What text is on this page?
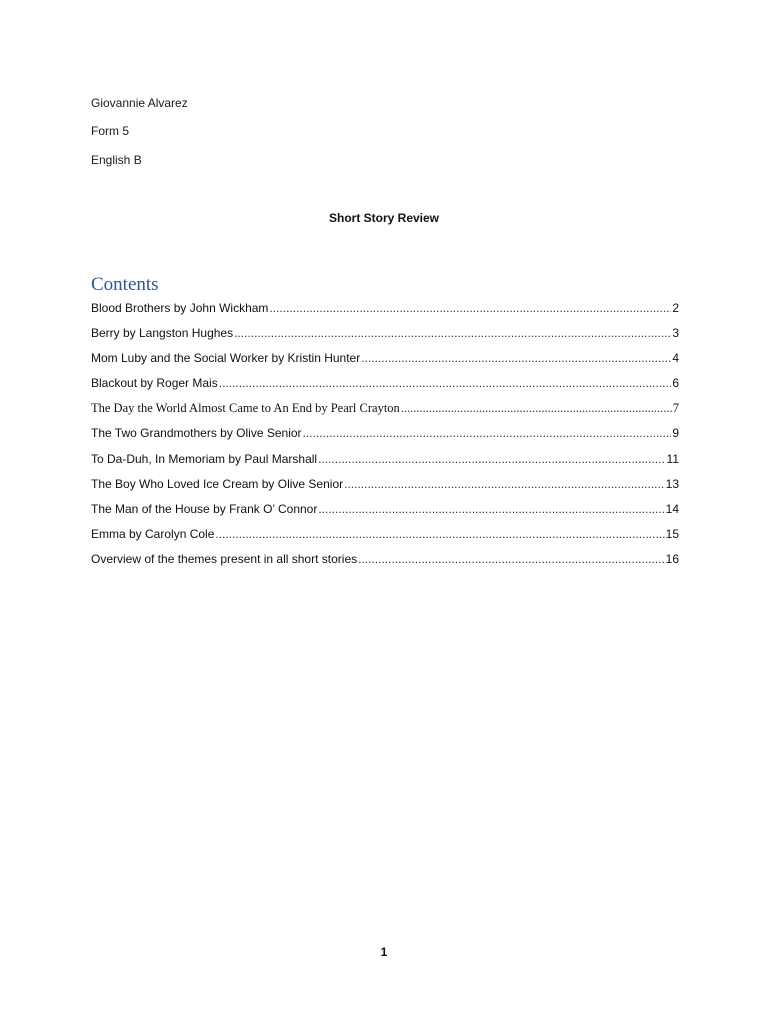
Giovannie Alvarez
Form 5
English B
Short Story Review
Contents
Blood Brothers by John Wickham .....	2
Berry by Langston Hughes .....	3
Mom Luby and the Social Worker by Kristin Hunter .....	4
Blackout by Roger Mais .....	6
The Day the World Almost Came to An End by Pearl Crayton .....	7
The Two Grandmothers by Olive Senior .....	9
To Da-Duh, In Memoriam by Paul Marshall .....	11
The Boy Who Loved Ice Cream by Olive Senior .....	13
The Man of the House by Frank O’ Connor .....	14
Emma by Carolyn Cole .....	15
Overview of the themes present in all short stories .....	16
1
